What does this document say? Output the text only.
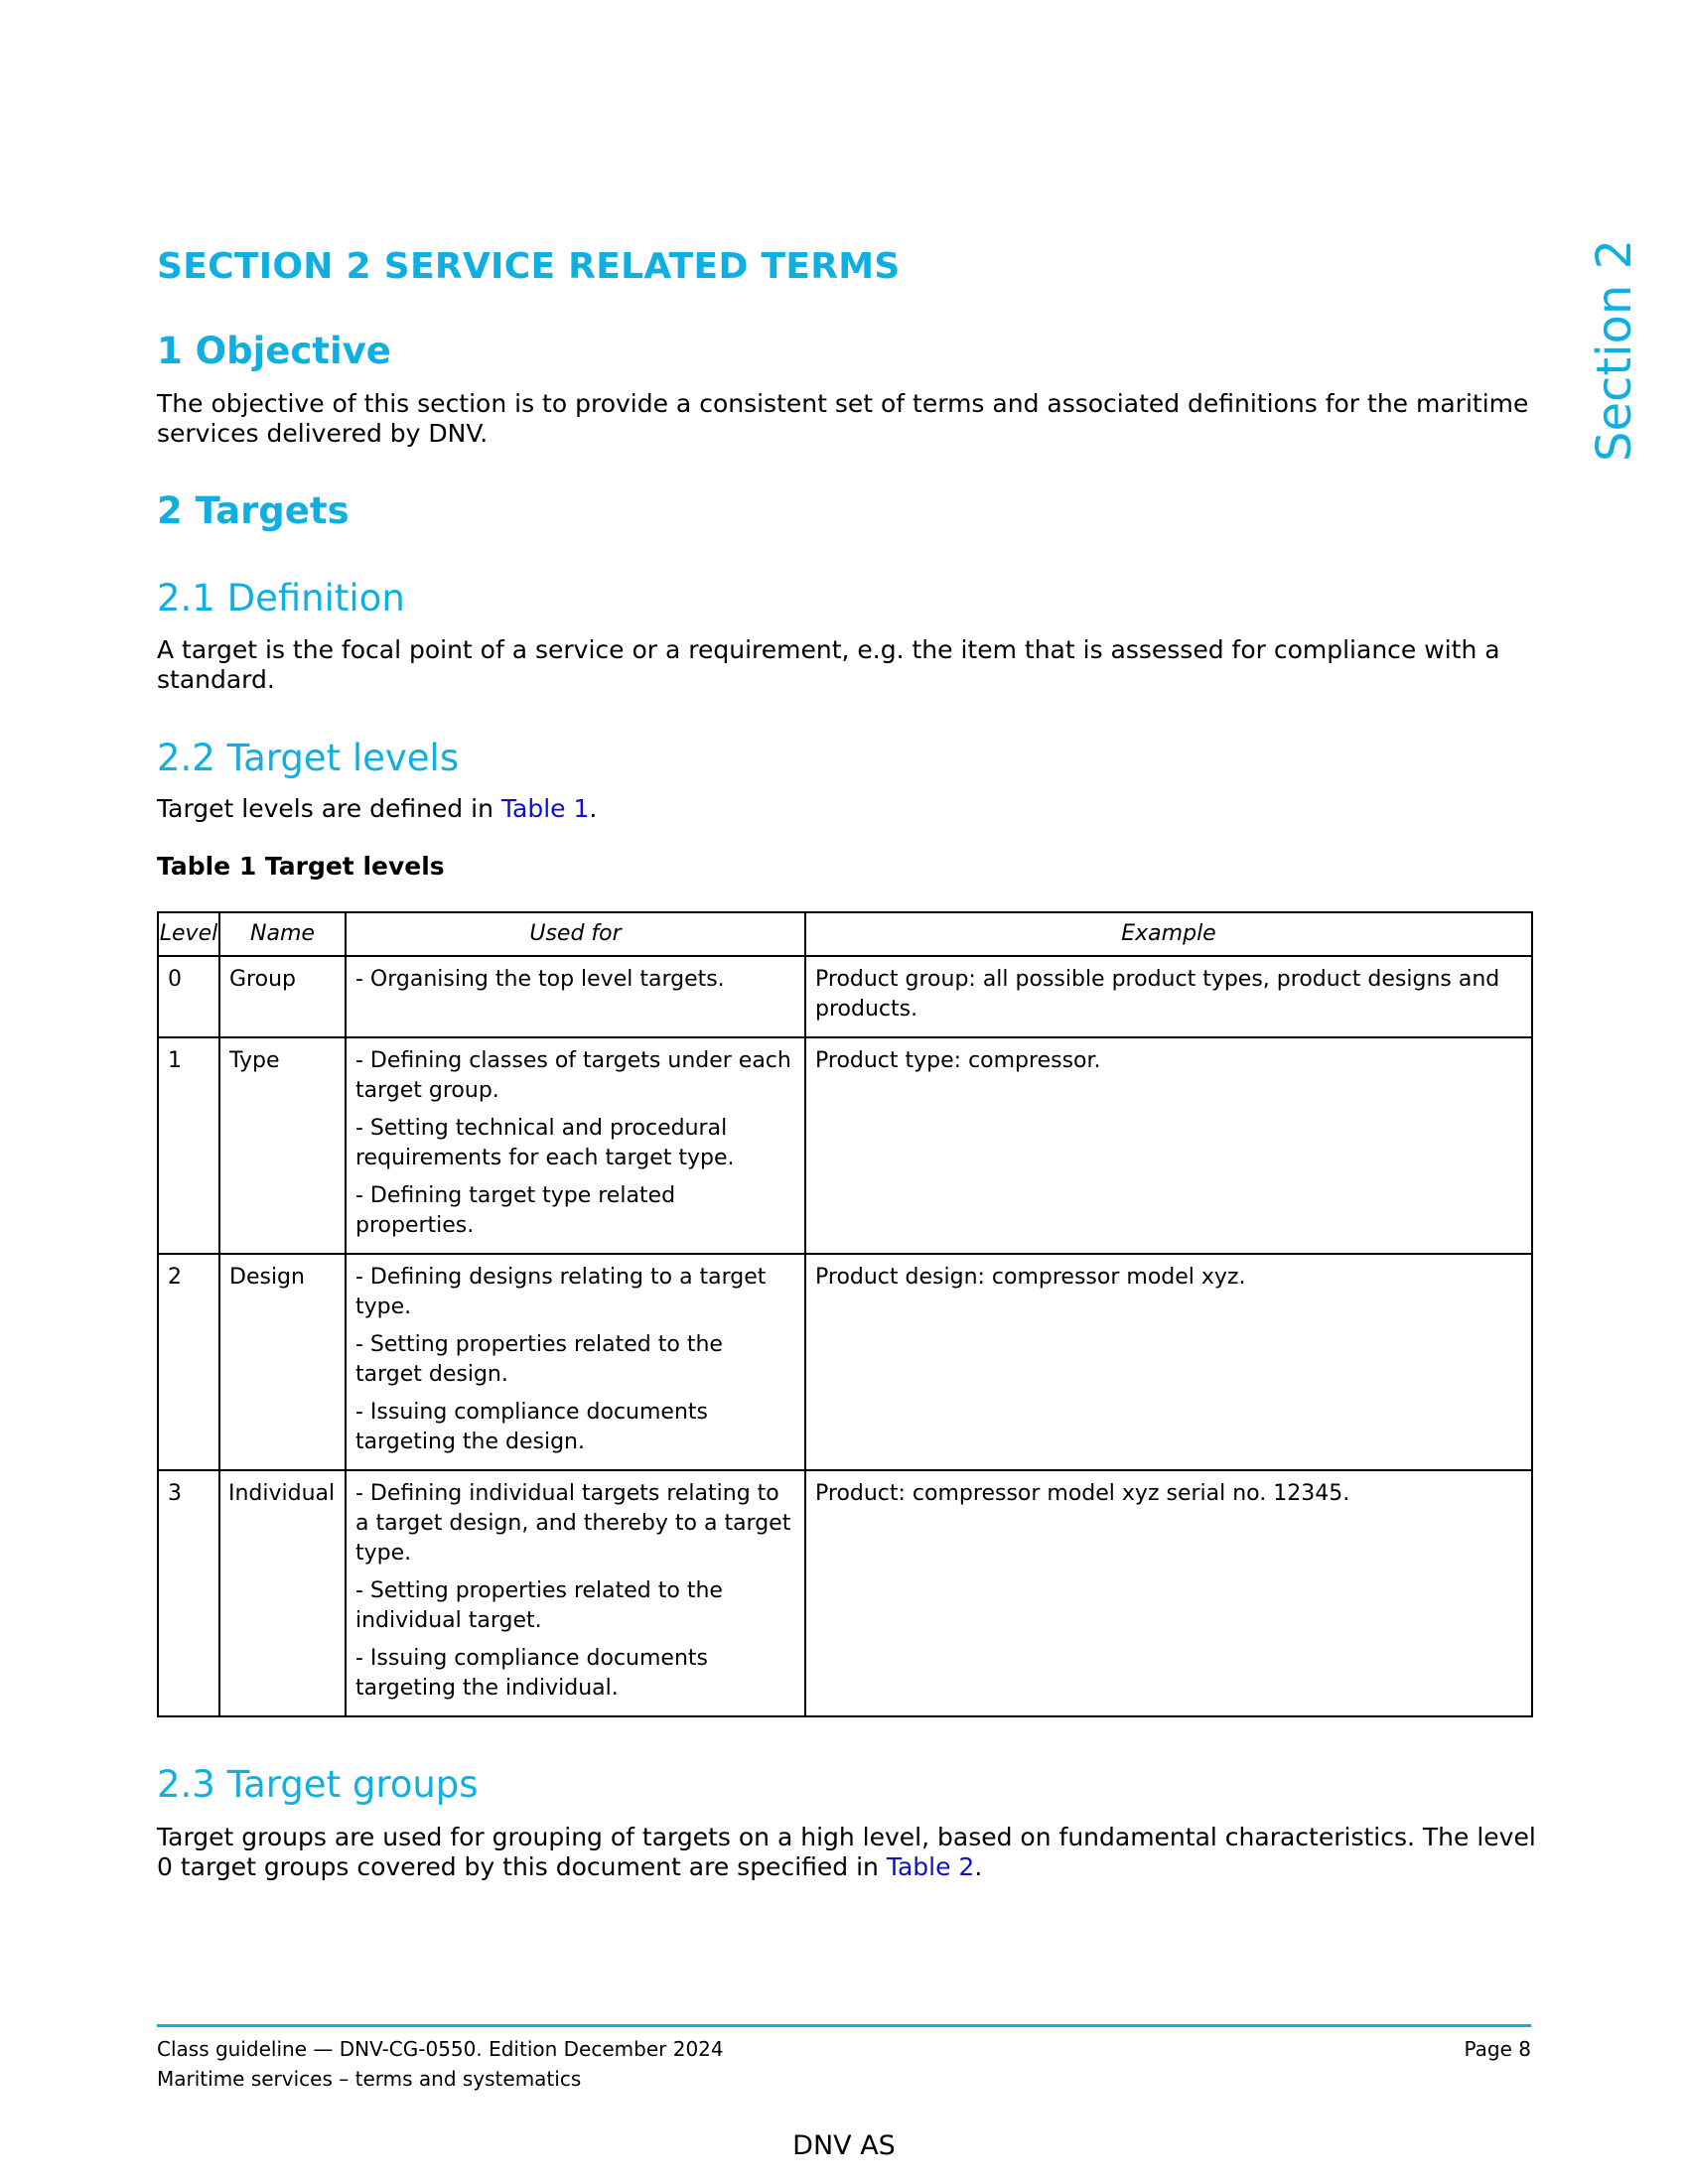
SECTION 2 SERVICE RELATED TERMS	Section 2
1 Objective

The objective of this section is to provide a consistent set of terms and associated definitions for the maritime services delivered by DNV.

2 Targets
2.1 Definition

A target is the focal point of a service or a requirement, e.g. the item that is assessed for compliance with a standard.

2.2 Target levels

Target levels are defined in Table 1.

Table 1 Target levels

Level	Name	Used for	Example
0	Group	- Organising the top level targets.	Product group: all possible product types, product designs and products.
1	Type	- Defining classes of targets under each target group.

- Setting technical and procedural requirements for each target type.

- Defining target type related properties.	Product type: compressor.
2	Design	- Defining designs relating to a target type.

- Setting properties related to the target design.

- Issuing compliance documents targeting the design.	Product design: compressor model xyz.
3	Individual	- Defining individual targets relating to a target design, and thereby to a target type.

- Setting properties related to the individual target.

- Issuing compliance documents targeting the individual.	Product: compressor model xyz serial no. 12345.
2.3 Target groups

Target groups are used for grouping of targets on a high level, based on fundamental characteristics. The level 0 target groups covered by this document are specified in Table 2.

Class guideline — DNV-CG-0550. Edition December 2024

Maritime services – terms and systematics

Page 8

DNV AS
